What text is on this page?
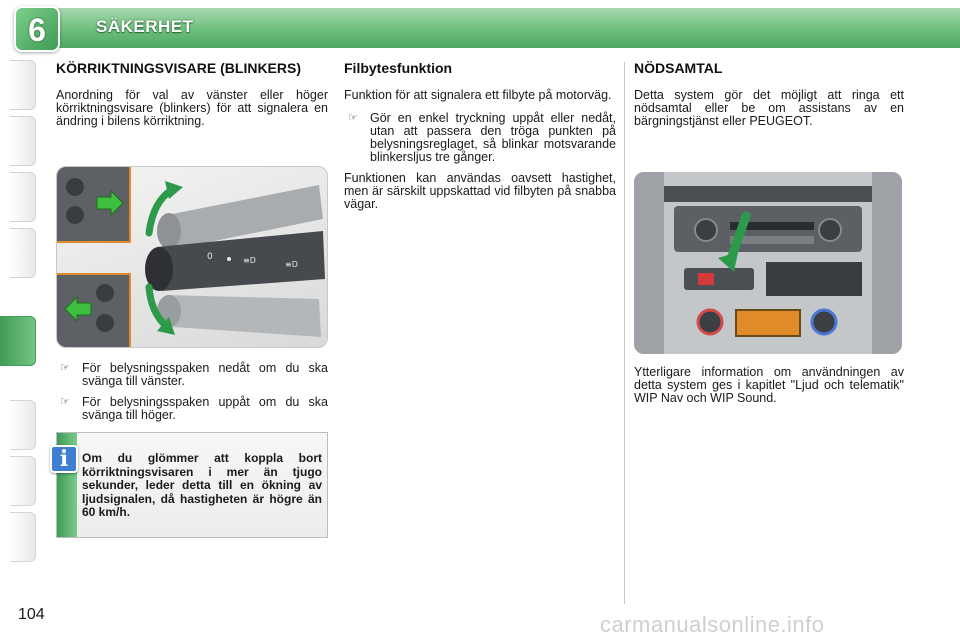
6	SÄKERHET
KÖRRIKTNINGSVISARE (BLINKERS)

Anordning för val av vänster eller höger körriktningsvisare (blinkers) för att signalera en ändring i bilens körriktning.

0	≡D	≡D
☞ För belysningsspaken nedåt om du ska svänga till vänster.
☞ För belysningsspaken uppåt om du ska svänga till höger.
i	Om du glömmer att koppla bort körriktningsvisaren i mer än tjugo sekunder, leder detta till en ökning av ljudsignalen, då hastigheten är högre än 60 km/h.
Filbytesfunktion

Funktion för att signalera ett filbyte på motorväg.

☞ Gör en enkel tryckning uppåt eller nedåt, utan att passera den tröga punkten på belysningsreglaget, så blinkar motsvarande blinkersljus tre gånger.

Funktionen kan användas oavsett hastighet, men är särskilt uppskattad vid filbyten på snabba vägar.

NÖDSAMTAL

Detta system gör det möjligt att ringa ett nödsamtal eller be om assistans av en bärgningstjänst eller PEUGEOT.

Ytterligare information om användningen av detta system ges i kapitlet "Ljud och telematik" WIP Nav och WIP Sound.

104	carmanualsonline.info
